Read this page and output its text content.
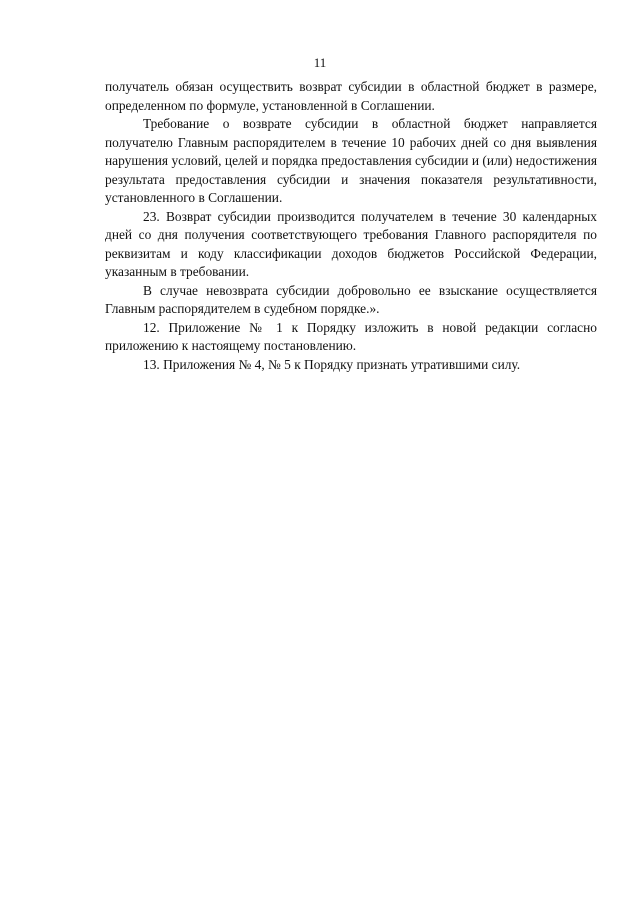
11

получатель обязан осуществить возврат субсидии в областной бюджет в размере, определенном по формуле, установленной в Соглашении.

Требование о возврате субсидии в областной бюджет направляется получателю Главным распорядителем в течение 10 рабочих дней со дня выявления нарушения условий, целей и порядка предоставления субсидии и (или) недостижения результата предоставления субсидии и значения показателя результативности, установленного в Соглашении.

23. Возврат субсидии производится получателем в течение 30 календарных дней со дня получения соответствующего требования Главного распорядителя по реквизитам и коду классификации доходов бюджетов Российской Федерации, указанным в требовании.

В случае невозврата субсидии добровольно ее взыскание осуществляется Главным распорядителем в судебном порядке.».

12. Приложение № 1 к Порядку изложить в новой редакции согласно приложению к настоящему постановлению.

13. Приложения № 4, № 5 к Порядку признать утратившими силу.
